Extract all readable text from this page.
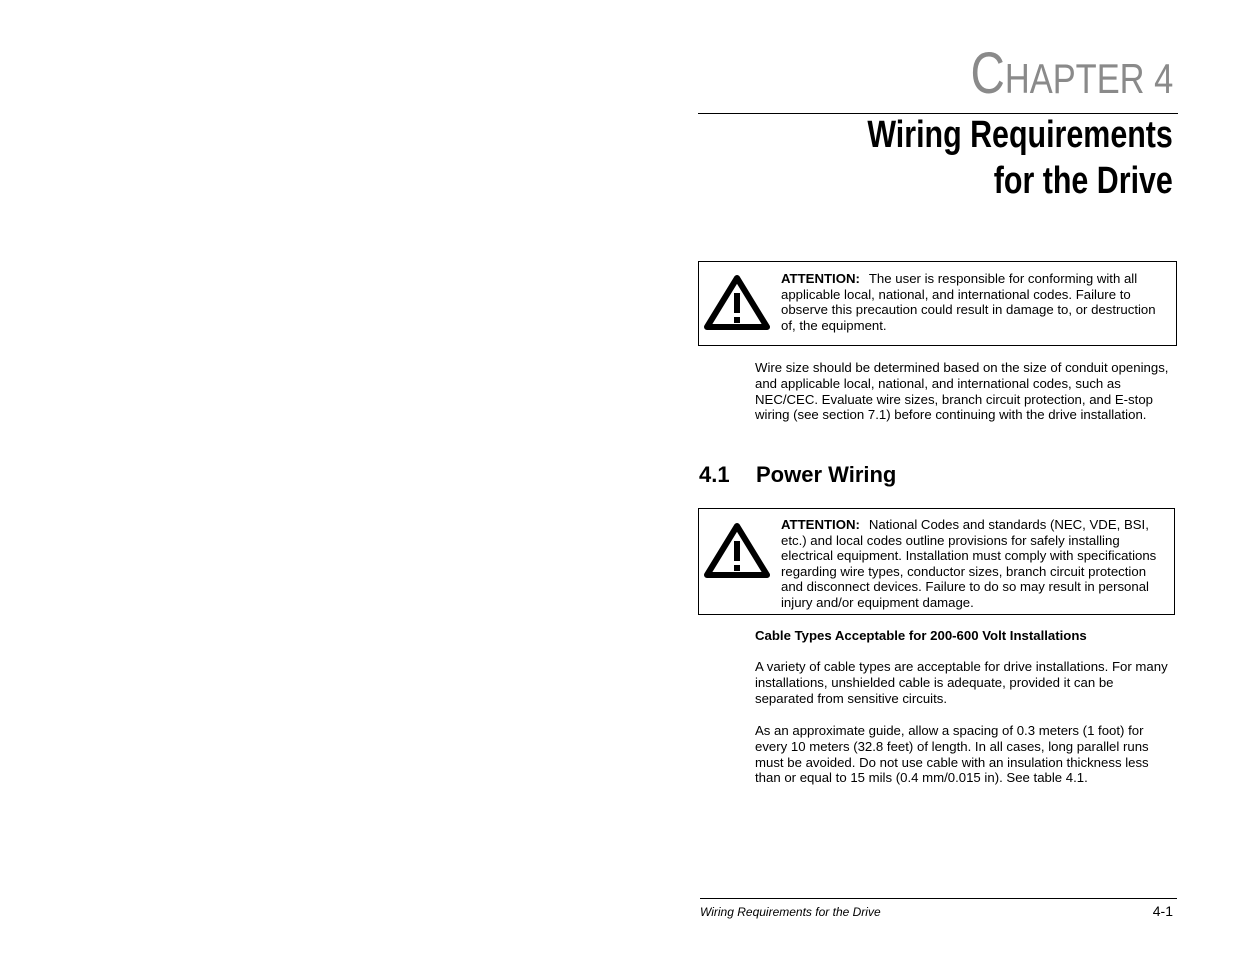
CHAPTER 4
Wiring Requirements
for the Drive
ATTENTION: The user is responsible for conforming with all applicable local, national, and international codes. Failure to observe this precaution could result in damage to, or destruction of, the equipment.
Wire size should be determined based on the size of conduit openings, and applicable local, national, and international codes, such as NEC/CEC. Evaluate wire sizes, branch circuit protection, and E-stop wiring (see section 7.1) before continuing with the drive installation.
4.1 Power Wiring
ATTENTION: National Codes and standards (NEC, VDE, BSI, etc.) and local codes outline provisions for safely installing electrical equipment. Installation must comply with specifications regarding wire types, conductor sizes, branch circuit protection and disconnect devices. Failure to do so may result in personal injury and/or equipment damage.
Cable Types Acceptable for 200-600 Volt Installations
A variety of cable types are acceptable for drive installations. For many installations, unshielded cable is adequate, provided it can be separated from sensitive circuits.
As an approximate guide, allow a spacing of 0.3 meters (1 foot) for every 10 meters (32.8 feet) of length. In all cases, long parallel runs must be avoided. Do not use cable with an insulation thickness less than or equal to 15 mils (0.4 mm/0.015 in). See table 4.1.
Wiring Requirements for the Drive	4-1
